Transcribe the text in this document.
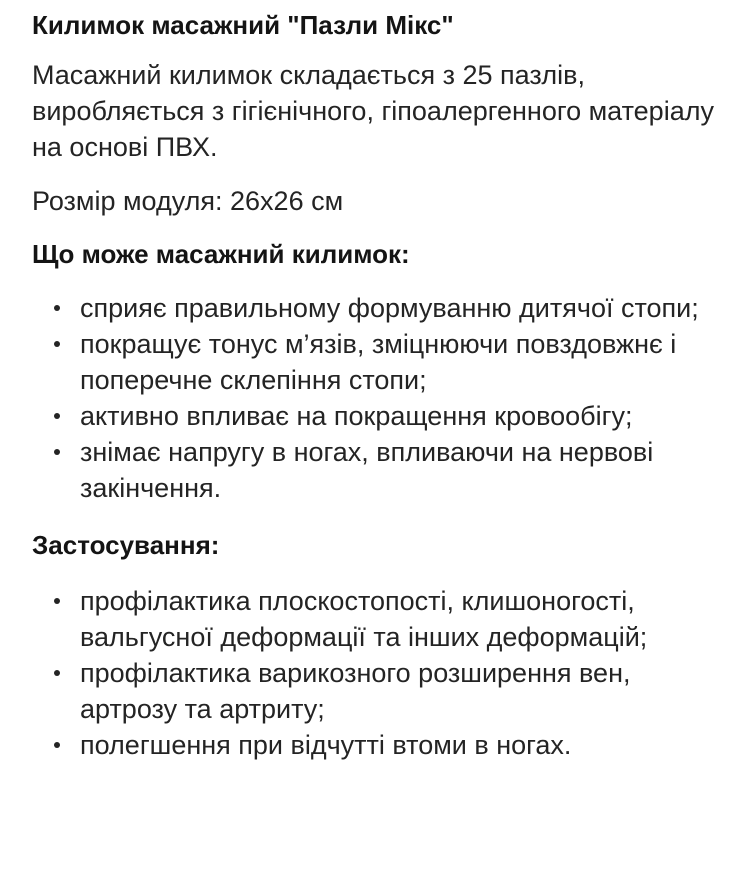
Килимок масажний "Пазли Мікс"

Масажний килимок складається з 25 пазлів, виробляється з гігієнічного, гіпоалергенного матеріалу на основі ПВХ.

Розмір модуля: 26х26 см

Що може масажний килимок:
сприяє правильному формуванню дитячої стопи;
покращує тонус м’язів, зміцнюючи повздовжнє і поперечне склепіння стопи;
активно впливає на покращення кровообігу;
знімає напругу в ногах, впливаючи на нервові закінчення.
Застосування:
профілактика плоскостопості, клишоногості, вальгусної деформації та інших деформацій;
профілактика варикозного розширення вен, артрозу та артриту;
полегшення при відчутті втоми в ногах.
